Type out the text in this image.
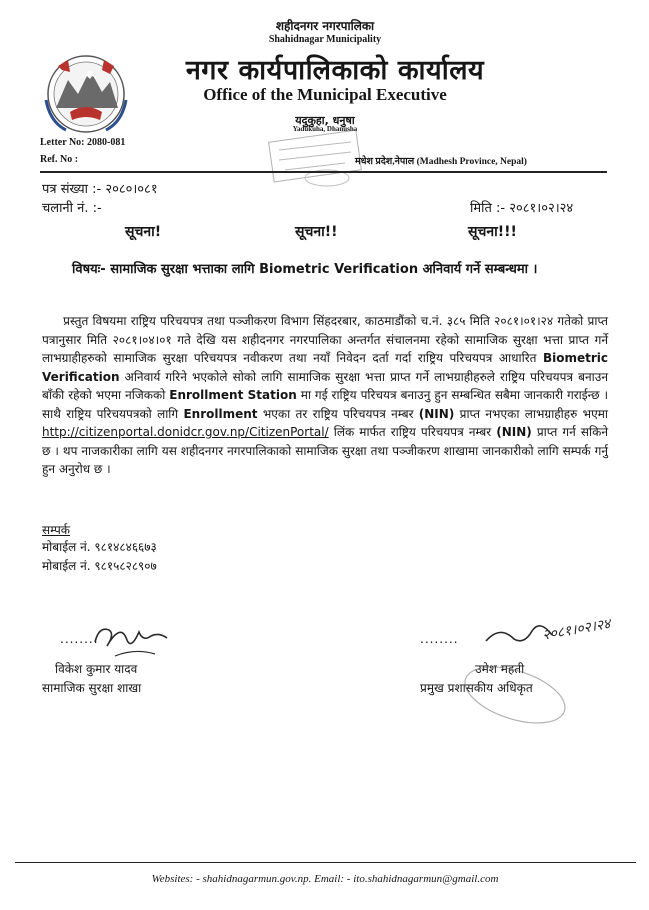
शहीदनगर नगरपालिका
Shahidnagar Municipality
नगर कार्यपालिकाको कार्यालय
Office of the Municipal Executive
यदुकुहा, धनुषा
Yadukuha, Dhanusha
Letter No: 2080-081
Ref. No :	मधेश प्रदेश,नेपाल (Madhesh Province, Nepal)
पत्र संख्या :- २०८०।०८१
चलानी नं. :-	मिति :- २०८१।०२।२४
सूचना!	सूचना!!	सूचना!!!
विषयः- सामाजिक सुरक्षा भत्ताका लागि Biometric Verification अनिवार्य गर्ने सम्बन्धमा ।
प्रस्तुत विषयमा राष्ट्रिय परिचयपत्र तथा पञ्जीकरण विभाग सिंहदरबार, काठमाडौंको च.नं. ३८५ मिति २०८१।०१।२४ गतेको प्राप्त पत्रानुसार मिति २०८१।०४।०१ गते देखि यस शहीदनगर नगरपालिका अन्तर्गत संचालनमा रहेको सामाजिक सुरक्षा भत्ता प्राप्त गर्ने लाभग्राहीहरुको सामाजिक सुरक्षा परिचयपत्र नवीकरण तथा नयाँ निवेदन दर्ता गर्दा राष्ट्रिय परिचयपत्र आधारित Biometric Verification अनिवार्य गरिने भएकोले सोको लागि सामाजिक सुरक्षा भत्ता प्राप्त गर्ने लाभग्राहीहरुले राष्ट्रिय परिचयपत्र बनाउन बाँकी रहेको भएमा नजिकको Enrollment Station मा गई राष्ट्रिय परिचयत्र बनाउनु हुन सम्बन्धित सबैमा जानकारी गराईन्छ । साथै राष्ट्रिय परिचयपत्रको लागि Enrollment भएका तर राष्ट्रिय परिचयपत्र नम्बर (NIN) प्राप्त नभएका लाभग्राहीहरु भएमा http://citizenportal.donidcr.gov.np/CitizenPortal/ लिंक मार्फत राष्ट्रिय परिचयपत्र नम्बर (NIN) प्राप्त गर्न सकिने छ । थप नाजकारीका लागि यस शहीदनगर नगरपालिकाको सामाजिक सुरक्षा तथा पञ्जीकरण शाखामा जानकारीको लागि सम्पर्क गर्नु हुन अनुरोध छ ।
सम्पर्क
मोबाईल नं. ९८१४८४६६७३
मोबाईल नं. ९८१५८२८९०७
........
विकेश कुमार यादव
सामाजिक सुरक्षा शाखा
........	२०८१।०२।२४
उमेश महती
प्रमुख प्रशासकीय अधिकृत
Websites: - shahidnagarmun.gov.np. Email: - ito.shahidnagarmun@gmail.com
